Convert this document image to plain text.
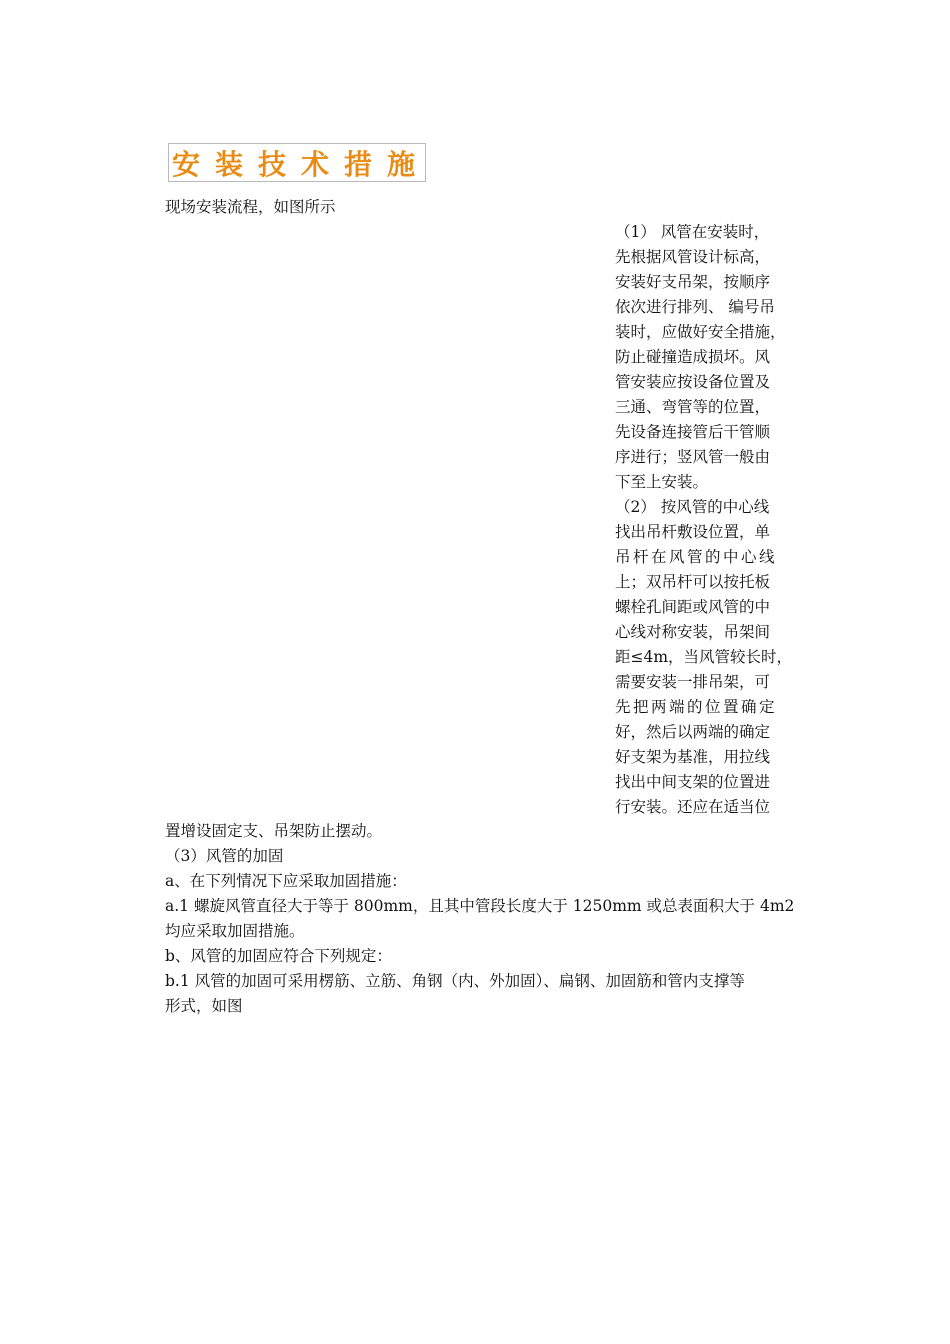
安装技术措施
现场安装流程，如图所示
（1） 风管在安装时，
先根据风管设计标高，
安装好支吊架，按顺序
依次进行排列、 编号吊
装时，应做好安全措施，
防止碰撞造成损坏。风
管安装应按设备位置及
三通、弯管等的位置，
先设备连接管后干管顺
序进行；竖风管一般由
下至上安装。
（2） 按风管的中心线
找出吊杆敷设位置，单
吊杆在风管的中心线
上；双吊杆可以按托板
螺栓孔间距或风管的中
心线对称安装，吊架间
距≤4m，当风管较长时，
需要安装一排吊架，可
先把两端的位置确定
好，然后以两端的确定
好支架为基准，用拉线
找出中间支架的位置进
行安装。还应在适当位
置增设固定支、吊架防止摆动。
（3）风管的加固
a、在下列情况下应采取加固措施：
a.1 螺旋风管直径大于等于 800mm，且其中管段长度大于 1250mm 或总表面积大于 4m2
均应采取加固措施。
b、风管的加固应符合下列规定：
b.1 风管的加固可采用楞筋、立筋、角钢（内、外加固）、扁钢、加固筋和管内支撑等
形式，如图
